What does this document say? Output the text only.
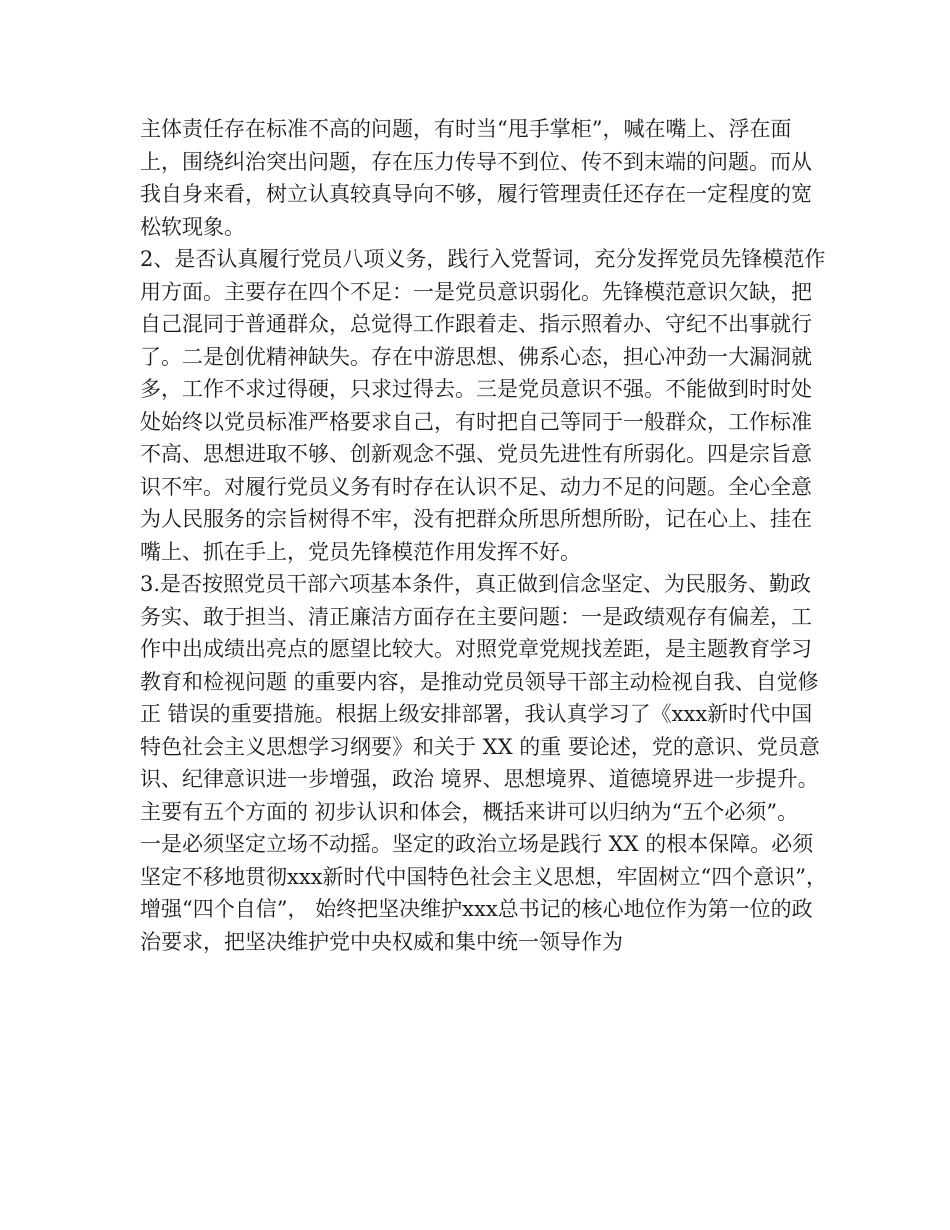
主体责任存在标准不高的问题，有时当“甩手掌柜”，喊在嘴上、浮在面上，围绕纠治突出问题，存在压力传导不到位、传不到末端的问题。而从我自身来看，树立认真较真导向不够，履行管理责任还存在一定程度的宽松软现象。

2、是否认真履行党员八项义务，践行入党誓词，充分发挥党员先锋模范作用方面。主要存在四个不足：一是党员意识弱化。先锋模范意识欠缺，把自己混同于普通群众，总觉得工作跟着走、指示照着办、守纪不出事就行了。二是创优精神缺失。存在中游思想、佛系心态，担心冲劲一大漏洞就多，工作不求过得硬，只求过得去。三是党员意识不强。不能做到时时处处始终以党员标准严格要求自己，有时把自己等同于一般群众，工作标准不高、思想进取不够、创新观念不强、党员先进性有所弱化。四是宗旨意识不牢。对履行党员义务有时存在认识不足、动力不足的问题。全心全意为人民服务的宗旨树得不牢，没有把群众所思所想所盼，记在心上、挂在嘴上、抓在手上，党员先锋模范作用发挥不好。

3.是否按照党员干部六项基本条件，真正做到信念坚定、为民服务、勤政务实、敢于担当、清正廉洁方面存在主要问题：一是政绩观存有偏差，工作中出成绩出亮点的愿望比较大。对照党章党规找差距，是主题教育学习教育和检视问题 的重要内容，是推动党员领导干部主动检视自我、自觉修正 错误的重要措施。根据上级安排部署，我认真学习了《xxx新时代中国特色社会主义思想学习纲要》和关于 XX 的重 要论述，党的意识、党员意识、纪律意识进一步增强，政治 境界、思想境界、道德境界进一步提升。主要有五个方面的 初步认识和体会，概括来讲可以归纳为“五个必须”。

一是必须坚定立场不动摇。坚定的政治立场是践行 XX 的根本保障。必须坚定不移地贯彻xxx新时代中国特色社会主义思想，牢固树立“四个意识”，增强“四个自信”， 始终把坚决维护xxx总书记的核心地位作为第一位的政 治要求，把坚决维护党中央权威和集中统一领导作为
